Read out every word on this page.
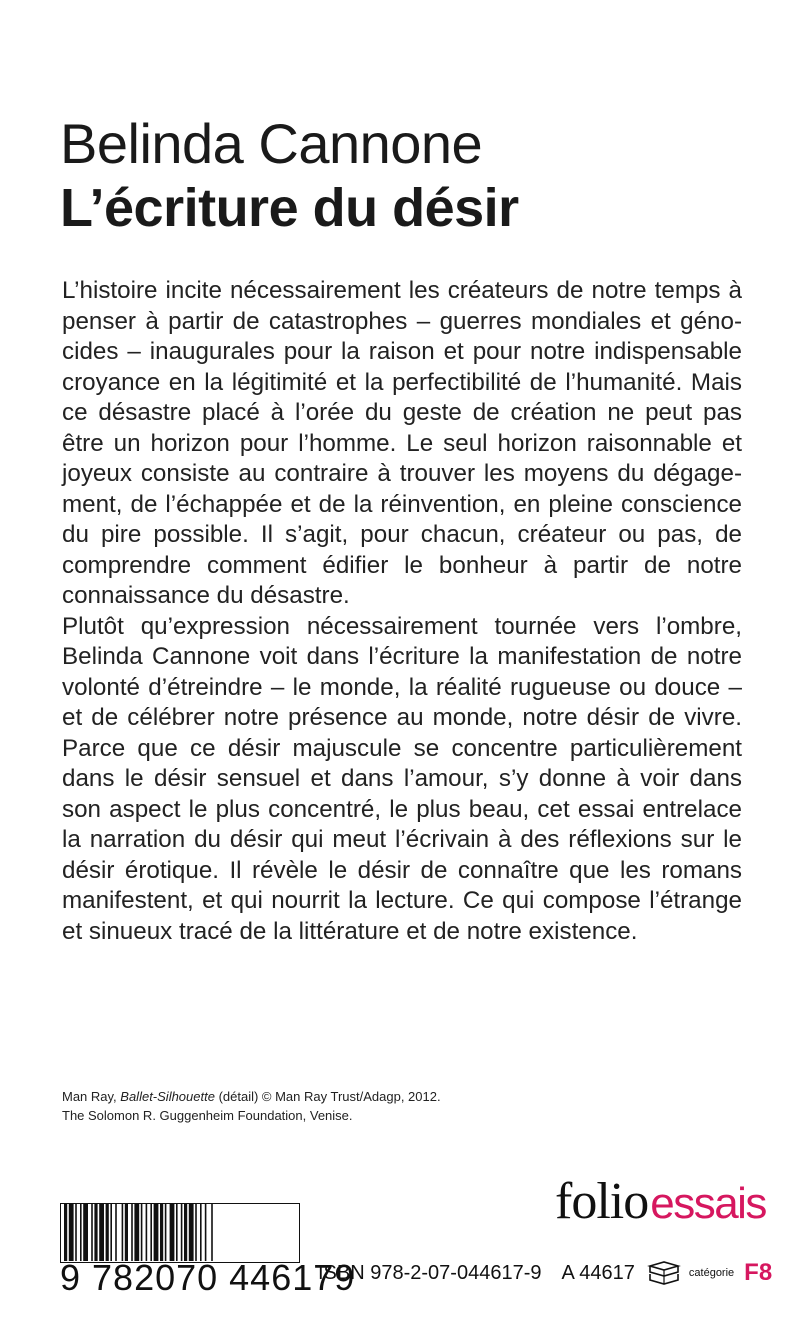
Belinda Cannone
L’écriture du désir

L’histoire incite nécessairement les créateurs de notre temps à penser à partir de catastrophes – guerres mondiales et génocides – inaugurales pour la raison et pour notre indispensable croyance en la légitimité et la perfectibilité de l’humanité. Mais ce désastre placé à l’orée du geste de création ne peut pas être un horizon pour l’homme. Le seul horizon raisonnable et joyeux consiste au contraire à trouver les moyens du dégagement, de l’échappée et de la réinvention, en pleine conscience du pire possible. Il s’agit, pour chacun, créateur ou pas, de comprendre comment édifier le bonheur à partir de notre connaissance du désastre.

Plutôt qu’expression nécessairement tournée vers l’ombre, Belinda Cannone voit dans l’écriture la manifestation de notre volonté d’étreindre – le monde, la réalité rugueuse ou douce – et de célébrer notre présence au monde, notre désir de vivre. Parce que ce désir majuscule se concentre particulièrement dans le désir sensuel et dans l’amour, s’y donne à voir dans son aspect le plus concentré, le plus beau, cet essai entrelace la narration du désir qui meut l’écrivain à des réflexions sur le désir érotique. Il révèle le désir de connaître que les romans manifestent, et qui nourrit la lecture. Ce qui compose l’étrange et sinueux tracé de la littérature et de notre existence.

Man Ray, Ballet-Silhouette (détail) © Man Ray Trust/Adagp, 2012.

The Solomon R. Guggenheim Foundation, Venise.

folioessais
9 782070 446179
ISBN 978-2-07-044617-9 A 44617	catégorie F8
